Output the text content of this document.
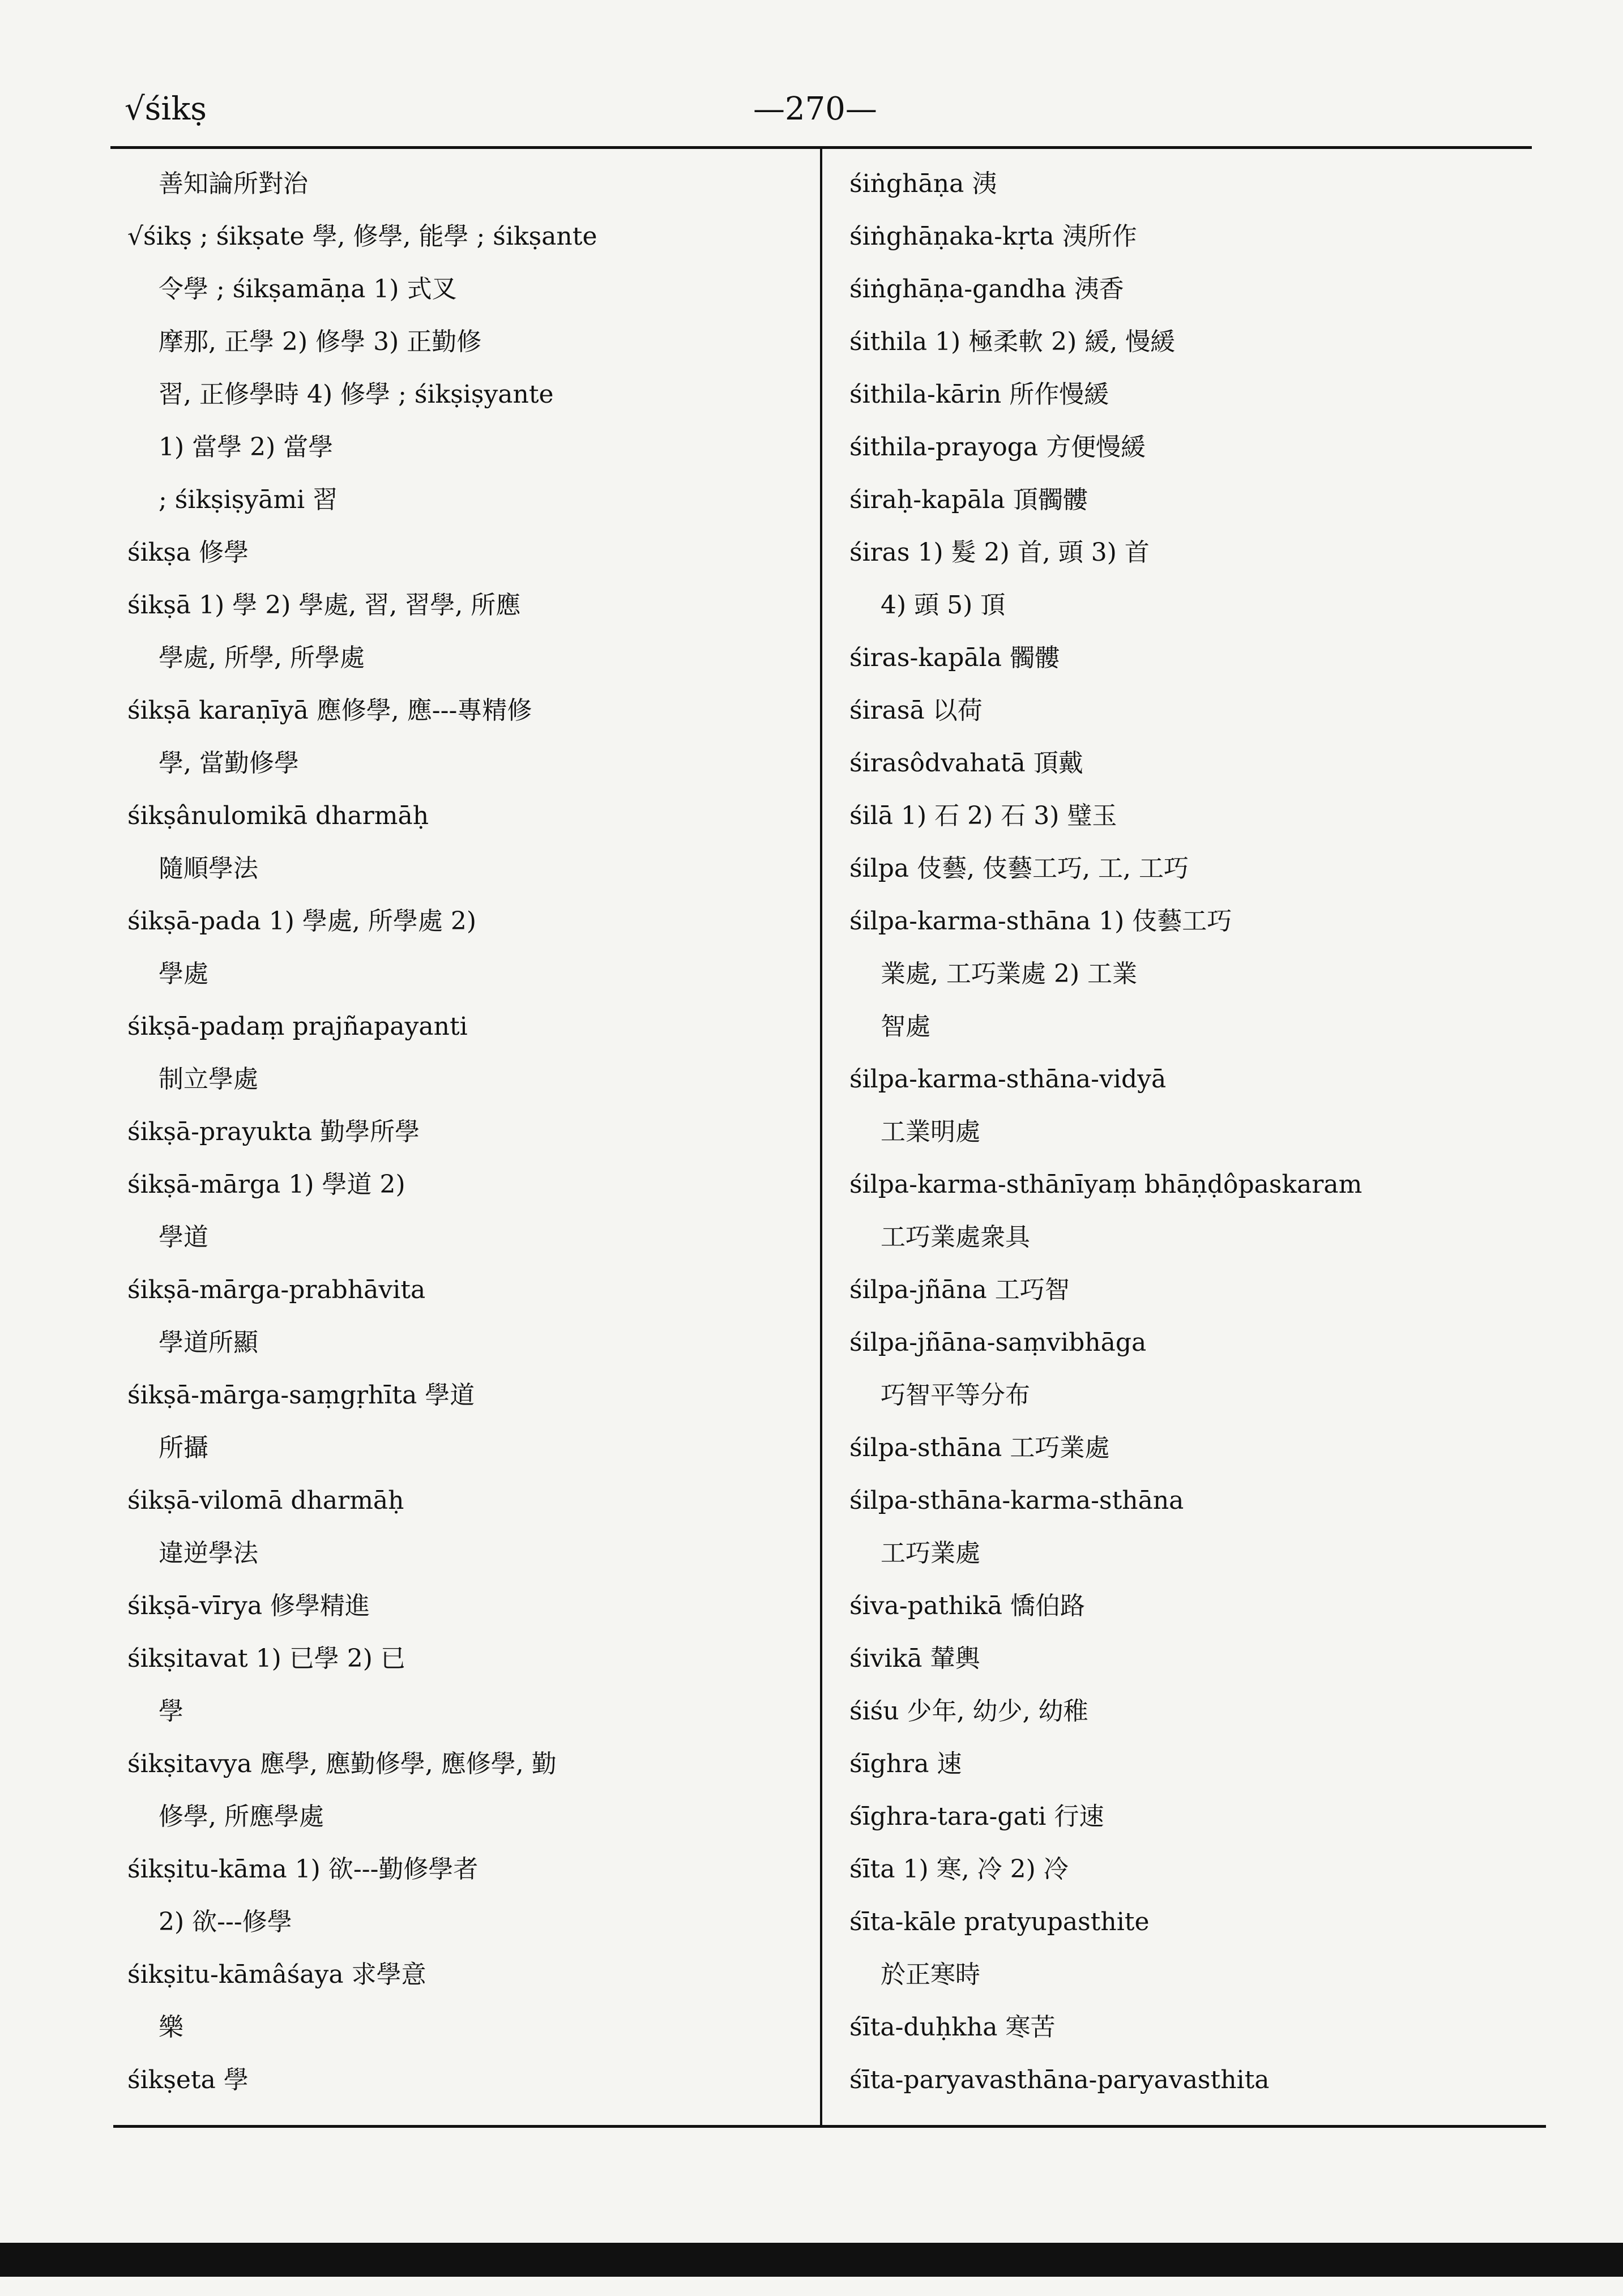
√śikṣ	—270—
善知論所對治
√śikṣ ; śikṣate 學, 修學, 能學 ; śikṣante
令學 ; śikṣamāṇa 1) 式叉
摩那, 正學 2) 修學 3) 正勤修
習, 正修學時 4) 修學 ; śikṣiṣyante
1) 當學 2) 當學
; śikṣiṣyāmi 習
śikṣa 修學
śikṣā 1) 學 2) 學處, 習, 習學, 所應
學處, 所學, 所學處
śikṣā karaṇīyā 應修學, 應---專精修
學, 當勤修學
śikṣânulomikā dharmāḥ
隨順學法
śikṣā-pada 1) 學處, 所學處 2)
學處
śikṣā-padaṃ prajñapayanti
制立學處
śikṣā-prayukta 勤學所學
śikṣā-mārga 1) 學道 2)
學道
śikṣā-mārga-prabhāvita
學道所顯
śikṣā-mārga-saṃgṛhīta 學道
所攝
śikṣā-vilomā dharmāḥ
違逆學法
śikṣā-vīrya 修學精進
śikṣitavat 1) 已學 2) 已
學
śikṣitavya 應學, 應勤修學, 應修學, 勤
修學, 所應學處
śikṣitu-kāma 1) 欲---勤修學者
2) 欲---修學
śikṣitu-kāmâśaya 求學意
樂
śikṣeta 學
śiṅghāṇa 洟
śiṅghāṇaka-kṛta 洟所作
śiṅghāṇa-gandha 洟香
śithila 1) 極柔軟 2) 緩, 慢緩
śithila-kārin 所作慢緩
śithila-prayoga 方便慢緩
śiraḥ-kapāla 頂髑髏
śiras 1) 髮 2) 首, 頭 3) 首
4) 頭 5) 頂
śiras-kapāla 髑髏
śirasā 以荷
śirasôdvahatā 頂戴
śilā 1) 石 2) 石 3) 璧玉
śilpa 伎藝, 伎藝工巧, 工, 工巧
śilpa-karma-sthāna 1) 伎藝工巧
業處, 工巧業處 2) 工業
智處
śilpa-karma-sthāna-vidyā
工業明處
śilpa-karma-sthānīyaṃ bhāṇḍôpaskaram
工巧業處衆具
śilpa-jñāna 工巧智
śilpa-jñāna-saṃvibhāga
巧智平等分布
śilpa-sthāna 工巧業處
śilpa-sthāna-karma-sthāna
工巧業處
śiva-pathikā 憍伯路
śivikā 輦輿
śiśu 少年, 幼少, 幼稚
śīghra 速
śīghra-tara-gati 行速
śīta 1) 寒, 冷 2) 冷
śīta-kāle pratyupasthite
於正寒時
śīta-duḥkha 寒苦
śīta-paryavasthāna-paryavasthita
